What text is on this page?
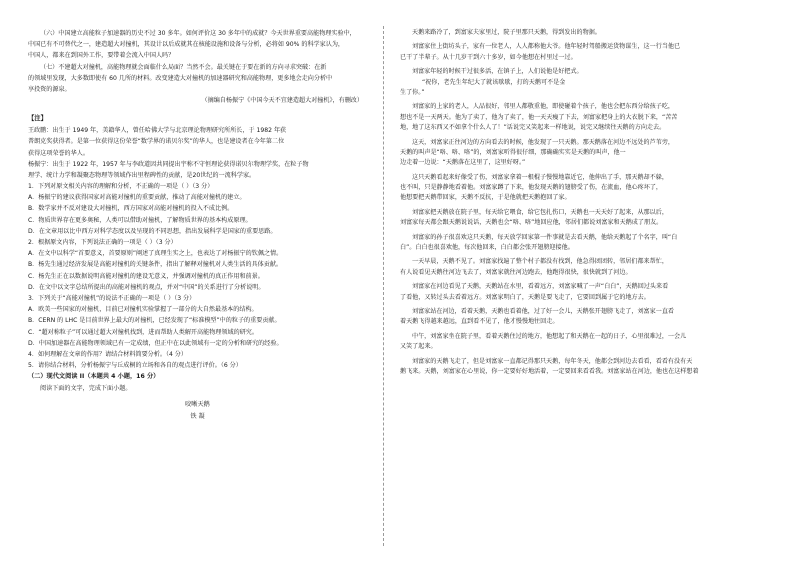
（六）中国建立高能粒子加速器的历史不过 30 多年。如何评价这 30 多年中的成就？今天世界重要高能物理实验中，

中国已有不可替代之一，建造超大对撞机，其设计以后成就其在核能设施和设备与分析，必将如 90% 的科学家认为，

中国人，都来在到国外工作，要带着会流入中国人吗？

（七）不建超大对撞机，高能物理就会面临什么局面？当然不会。最关键在于要在新的方向寻求突破：在新

的领域里发现，大多数即使有 60 几所的材料。改变建造大对撞机的加速器研究和高能物理，更多地会走向分析中

享投资的源泉。

（摘编自杨振宁《中国今天不宜建造超大对撞机》，有删改）

【注】

王政鹏：出生于 1949 年，美籍华人，曾任哈佛大学与北京理论物理研究所所长，于 1982 年获

普朗克奖获得者。是第一位获得这份荣誉“数学界的诺贝尔奖”的华人，也是建设者在今年第二位

获得这项荣誉的华人。

杨振宁：出生于 1922 年，1957 年与李政道因共同提出宇称不守恒理论获得诺贝尔物理学奖，在粒子物

理学、统计力学和凝聚态物理等领域作出里程碑性的贡献，是20世纪的一流科学家。

1．下列对原文相关内容的理解和分析，不正确的一项是（ ）（3 分）

A．杨振宁的建议获得国家对高能对撞机的重要贡献，推动了高能对撞机的建立。

B．数学家并不反对建设大对撞机，西方国家对高能对撞机的投入不成比例。

C．物质世界存在更多奥秘，人类可以借助对撞机，了解物质世界的基本构成原理。

D．在文章用以比中西方对科学态度以及呈现的不同思想，指出发展科学是国家的重要思路。

2．根据原文内容，下列说法正确的一项是（ ）（3 分）

A．在文中以科学“首要意义，首要原则”阐述了真理生实之上，也表达了对杨振宁的钦佩之情。

B．杨先生通过经济发展是高能对撞机的关键条件，指出了解释对撞机对人类生活的具体贡献。

C．杨先生正在以数据说明高能对撞机的建设无意义，并强调对撞机的真正作用和前景。

D．在文中以文字总结所提出的高能对撞机的观点，并对“中国”的关系进行了分析说明。

3．下列关于“高能对撞机”的说法不正确的一项是（ ）（3 分）

A．欧美一些国家的对撞机，目前已对撞机实验掌握了一部分的大自然最基本的结构。

B．CERN 的 LHC 是目前世界上最大的对撞机，已经发现了“标准模型”中的粒子的重要贡献。

C．“超对称粒子”可以通过超大对撞机找到，进而帮助人类解开高能物理领域的研究。

D．中国加速器在高能物理领域已有一定成绩，但正中在以此领域有一定的分析和研究的经验。

4．如何理解在文章的作用？请结合材料简要分析。（4 分）

5．请你结合材料，分析杨振宁与丘成桐的立场和各自的观点进行评价。（6 分）

（二）现代文阅读 II（本题共 4 小题，16 分）

阅读下面的文字，完成下面小题。

咬晰天鹅

铁 凝

天鹅来路冷了，到富家夫家里过，院子里那只天鹅，得到发出的物据。

刘富家住上街坊头子，家有一位老人，人人都称他大爷。他年轻时驾船搬运货物谋生，这一行当他已

已干了半辈子。从十几岁干到六十多岁，如今他想在村里过一过。

刘富家年轻的时候干过很多活，在镇子上，人们说他是好把式。

“祝你，老先生年纪大了就该歇歇，打的天鹅可不是金

生了你。”

刘富家的上家的老人，人品很好，邻里人都敬重他，即使碰着个孩子，他也会把东西分给孩子吃，

想也不是一天两天。他为了卖了，他为了卖了，他一天天瘦了下去，刘富家把身上的大衣脱下来，“苦苦

地，地了这东西又不如拿个什么人了！”话说完又笑起来一样地说，说完又继续往天鹅的方向走去。

这天，刘富家正往河边的方向看去的时候，他发现了一只天鹅。那天鹅落在河边不远处的芦苇旁，

天鹅的叫声是“咯、咯、咯”的，刘富家听得很仔细，那确确实实是天鹅的叫声，他一

边走着一边说：“天鹅落在这里了，这里好呀。”

这只天鹅看起来好像受了伤，刘富家拿着一根棍子慢慢地靠近它，他伸出了手，那天鹅却不躲，

也不叫，只是静静地看着他。刘富家蹲了下来，他发现天鹅的翅膀受了伤，在流血，他心疼坏了，

他想要把天鹅带回家，天鹅不反抗，于是他就把天鹅抱回了家。

刘富家把天鹅放在院子里，每天给它喂食，给它包扎伤口，天鹅也一天天好了起来，从那以后，

刘富家每天都会跟天鹅说说话，天鹅也会“咯、咯”地回应他，邻居们都说刘富家和天鹅成了朋友。

刘富家的孙子很喜欢这只天鹅，每天放学回家第一件事就是去看天鹅，他给天鹅起了个名字，叫“白

白”。白白也很喜欢他，每次他回来，白白都会张开翅膀迎接他。

一天早晨，天鹅不见了。刘富家找遍了整个村子都没有找到，他急得团团转，邻居们都来帮忙，

有人说看见天鹅往河边飞去了，刘富家就往河边跑去，他跑得很快，很快就到了河边。

刘富家在河边看见了天鹅，天鹅站在水里，看着远方，刘富家喊了一声“白白”，天鹅回过头来看

了看他，又转过头去看着远方。刘富家明白了，天鹅是要飞走了，它要回到属于它的地方去。

刘富家站在河边，看着天鹅，天鹅也看着他，过了好一会儿，天鹅张开翅膀飞走了，刘富家一直看

着天鹅飞得越来越远，直到看不见了，他才慢慢地往回走。

中午，刘富家坐在院子里，看着天鹅住过的地方，他想起了和天鹅在一起的日子，心里很难过，一会儿

又笑了起来。

刘富家的天鹅飞走了，但是刘富家一直都记得那只天鹅，每年冬天，他都会到河边去看看，看看有没有天

鹅飞来。天鹅，刘富家在心里说，你一定要好好地活着，一定要回来看看我。刘富家站在河边，他也在这样想着
